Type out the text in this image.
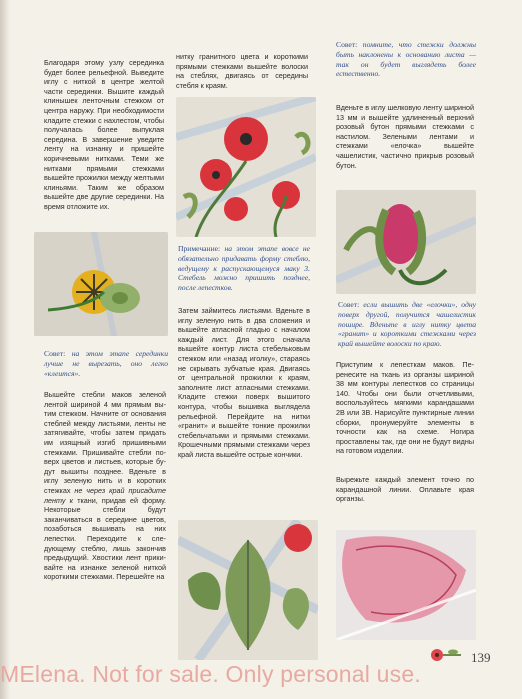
Благодаря этому узлу серединка будет более рельефной. Выведите иглу с ниткой в центре желтой части серединки. Вышите каждый клинышек ленточным стежком от центра наружу. При необходимости кладите стежки с нахлестом, чтобы получалась более выпуклая середина. В завершение уведите ленту на изнанку и пришейте коричневыми нитками. Теми же нитками прямыми стежками вышейте прожилки между желтыми клиньями. Таким же образом вышейте две другие серединки. На время отложите их.

Совет: на этом этапе серединки лучше не вырезать, оно легко «клеится».

Вышейте стебли маков зеленой лентой шириной 4 мм прямым вытим стежком. Начните от основания стеблей между листьями, ленты не затягивайте, чтобы затем придать им изящный изгиб пришивными стежками. Пришивайте стебли поверх цветов и листьев, которые будут вышиты позднее. Вденьте в иглу зеленую нить и в коротких стежках не через край присадите ленту к ткани, придав ей форму. Некоторые стебли будут заканчиваться в середине цветов, позаботься вышивать на них лепестки. Переходите к следующему стеблю, лишь закончив предыдущий. Хвостики лент прикивайте на изнанке зеленой ниткой короткими стежками. Перешейте на

нитку гранитного цвета и короткими прямыми стежками вышейте волоски на стеблях, двигаясь от середины стебля к краям.

Примечание: на этом этапе вовсе не обязательно придавать форму стеблю, ведущему к распускающемуся маку 3. Стебель можно пришить позднее, после лепестков.

Затем займитесь листьями. Вденьте в иглу зеленую нить в два сложения и вышейте атласной гладью с началом каждый лист. Для этого сначала вышейте контур листа стебельковым стежком или «назад иголку», стараясь не скрывать зубчатые края. Двигаясь от центральной прожилки к краям, заполните лист атласными стежками. Кладите стежки поверх вышитого контура, чтобы вышивка выглядела рельефной. Перейдите на нитки «гранит» и вышейте тонкие прожилки стебельчатыми и прямыми стежками. Крошечными прямыми стежками через край листа вышейте острые кончики.

Совет: помните, что стежки должны быть наклонены к основанию листа — так он будет выглядеть более естественно.

Вденьте в иглу шелковую ленту шириной 13 мм и вышейте удлиненный верхний розовый бутон прямыми стежками с настилом. Зелеными лентами и стежками «елочка» вышейте чашелистик, частично прикрыв розовый бутон.

Совет: если вышить две «елочки», одну поверх другой, получится чашелистик пошире. Вденьте в иглу нитку цвета «гранит» и короткими стежками через край вышейте волоски по краю.

Приступим к лепесткам маков. Перенесите на ткань из органзы шириной 38 мм контуры лепестков со страницы 140. Чтобы они были отчетливыми, воспользуйтесь мягкими карандашами 2В или 3В. Нарисуйте пунктирные линии сборки, пронумеруйте элементы в точности как на схеме. Ногира проставлены так, где они не будут видны на готовом изделии.

Вырежьте каждый элемент точно по карандашной линии. Оплавьте края органзы.

139
MElena. Not for sale. Only personal use.
